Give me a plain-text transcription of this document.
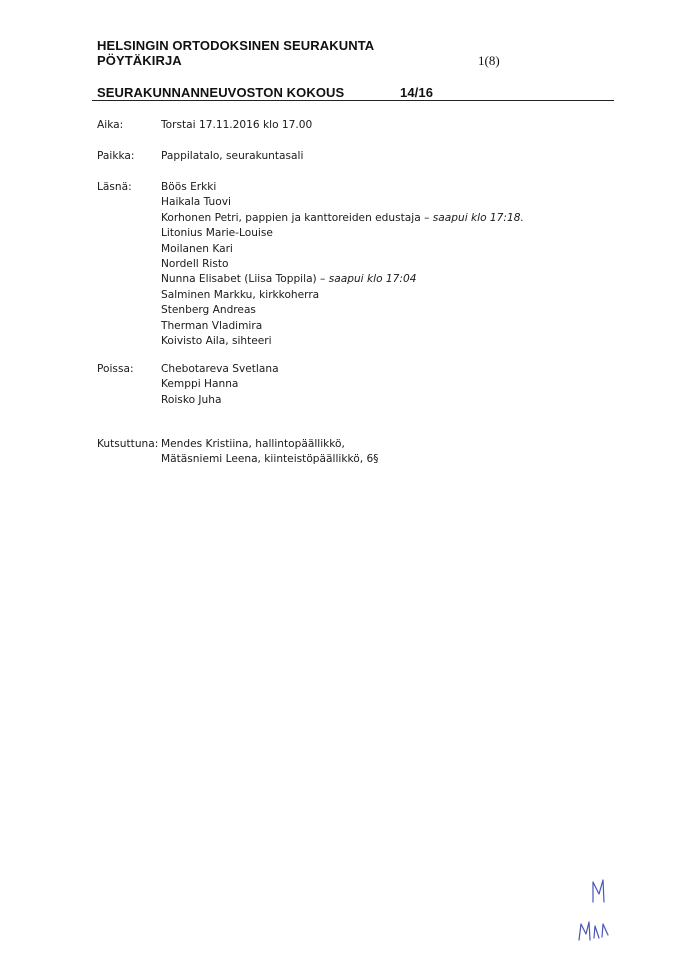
HELSINGIN ORTODOKSINEN SEURAKUNTA
PÖYTÄKIRJA	1(8)
SEURAKUNNANNEUVOSTON KOKOUS	14/16
Aika:	Torstai 17.11.2016 klo 17.00
Paikka:	Pappilatalo, seurakuntasali
Läsnä:	Böös Erkki
Haikala Tuovi
Korhonen Petri, pappien ja kanttoreiden edustaja – saapui klo 17:18.
Litonius Marie-Louise
Moilanen Kari
Nordell Risto
Nunna Elisabet (Liisa Toppila) – saapui klo 17:04
Salminen Markku, kirkkoherra
Stenberg Andreas
Therman Vladimira
Koivisto Aila, sihteeri
Poissa:	Chebotareva Svetlana
Kemppi Hanna
Roisko Juha
Kutsuttuna: Mendes Kristiina, hallintopäällikkö,
Mätäsniemi Leena, kiinteistöpäällikkö, 6§
